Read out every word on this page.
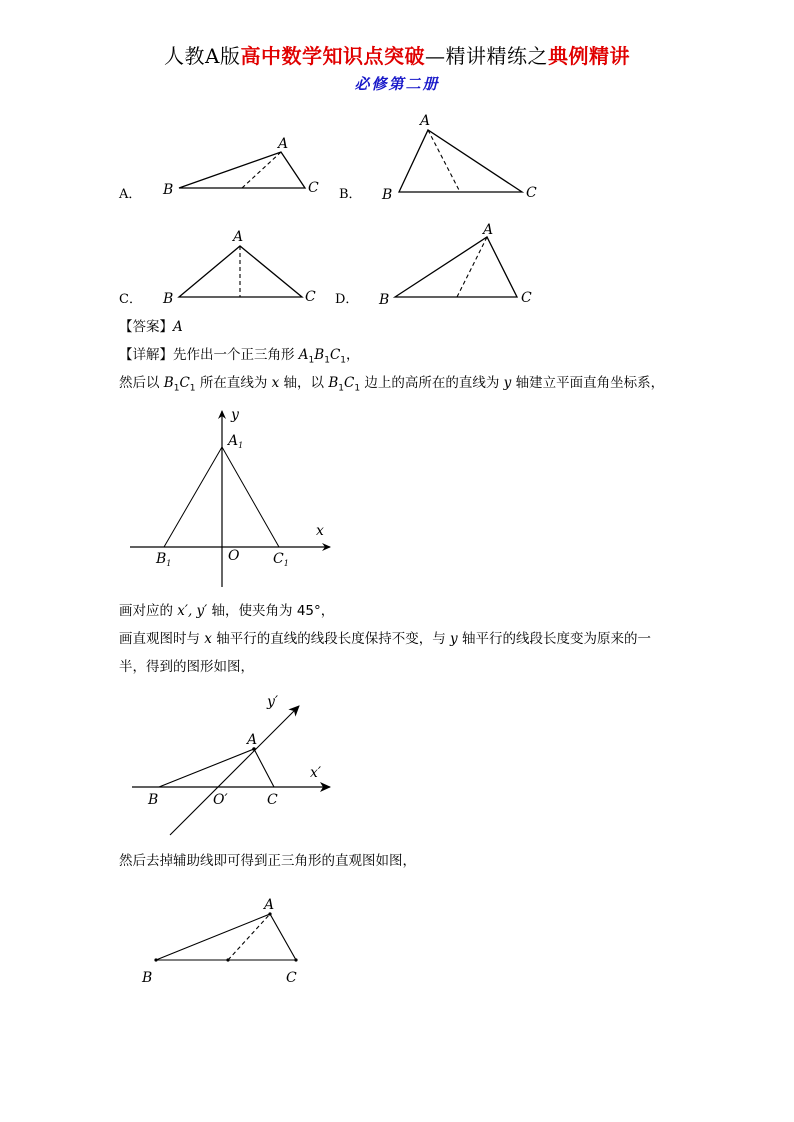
人教A版高中数学知识点突破—精讲精练之典例精讲
必修第二册
A．
A
B	C B．
A
B	C
C．
A
B	C D．
A
B	C
【答案】A
【详解】先作出一个正三角形 $A_1B_1C_1$，
然后以 $B_1C_1$ 所在直线为 x 轴，以 $B_1C_1$ 边上的高所在的直线为 y 轴建立平面直角坐标系，
y
x
$A_1$
$B_1$	O $C_1$
画对应的 x′, y′ 轴，使夹角为 45°，
画直观图时与 x 轴平行的直线的线段长度保持不变，与 y 轴平行的线段长度变为原来的一
半，得到的图形如图，
y′
x′
A
B	O′	C
然后去掉辅助线即可得到正三角形的直观图如图，
A
B	C
